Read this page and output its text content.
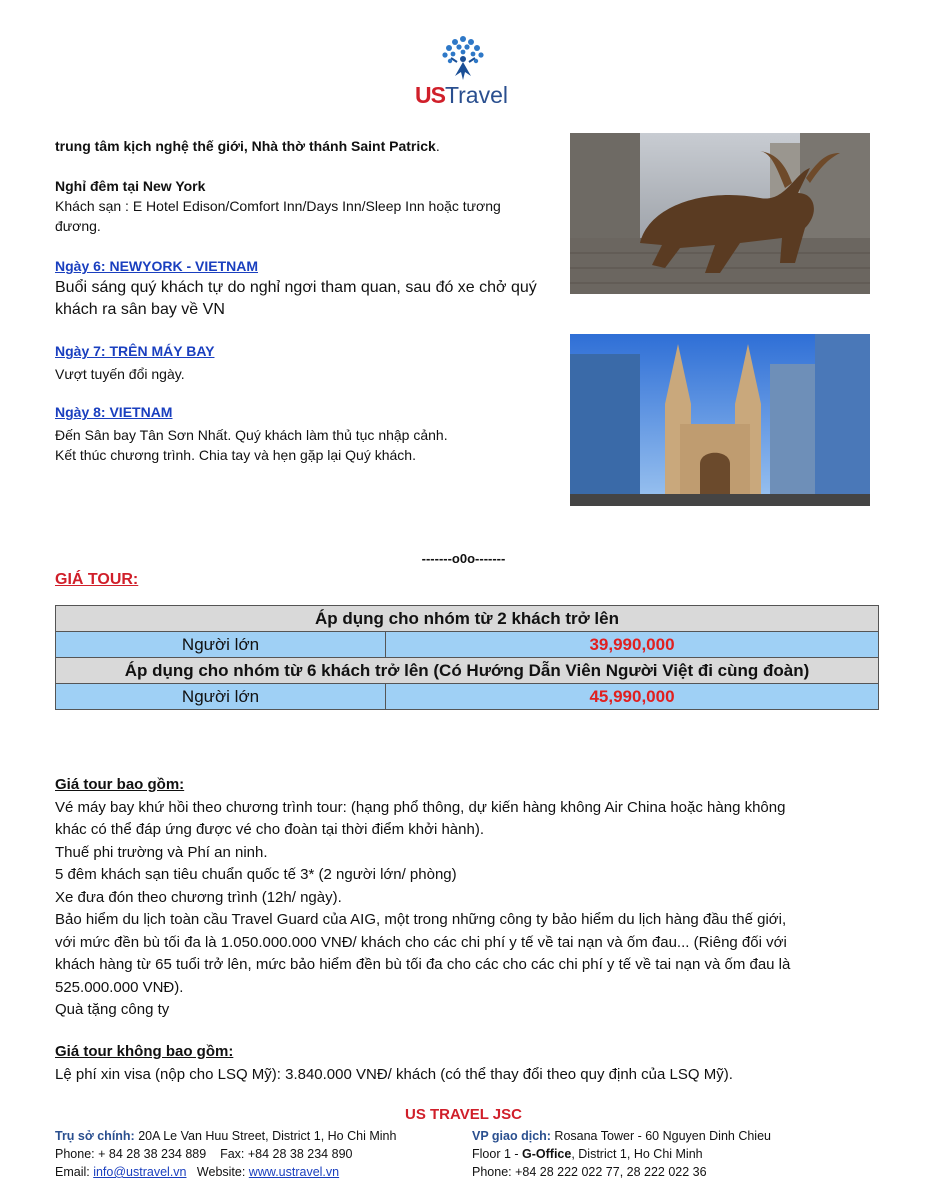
USTravel
trung tâm kịch nghệ thế giới, Nhà thờ thánh Saint Patrick.
Nghỉ đêm tại New York
Khách sạn : E Hotel Edison/Comfort Inn/Days Inn/Sleep Inn hoặc tương
đương.
Ngày 6: NEWYORK - VIETNAM
Buổi sáng quý khách tự do nghỉ ngơi tham quan, sau đó xe chở quý
khách ra sân bay về VN
Ngày 7: TRÊN MÁY BAY
Vượt tuyến đổi ngày.
Ngày 8: VIETNAM
Đến Sân bay Tân Sơn Nhất. Quý khách làm thủ tục nhập cảnh.
Kết thúc chương trình. Chia tay và hẹn gặp lại Quý khách.
-------o0o-------
GIÁ TOUR:
Áp dụng cho nhóm từ 2 khách trở lên	
Người lớn	39,990,000
Áp dụng cho nhóm từ 6 khách trở lên (Có Hướng Dẫn Viên Người Việt đi cùng đoàn)	
Người lớn	45,990,000
Giá tour bao gồm:
Vé máy bay khứ hồi theo chương trình tour: (hạng phổ thông, dự kiến hàng không Air China hoặc hàng không
khác có thể đáp ứng được vé cho đoàn tại thời điểm khởi hành).
Thuế phi trường và Phí an ninh.
5 đêm khách sạn tiêu chuẩn quốc tế 3* (2 người lớn/ phòng)
Xe đưa đón theo chương trình (12h/ ngày).
Bảo hiểm du lịch toàn cầu Travel Guard của AIG, một trong những công ty bảo hiểm du lịch hàng đầu thế giới,
với mức đền bù tối đa là 1.050.000.000 VNĐ/ khách cho các chi phí y tế về tai nạn và ốm đau... (Riêng đối với
khách hàng từ 65 tuổi trở lên, mức bảo hiểm đền bù tối đa cho các cho các chi phí y tế về tai nạn và ốm đau là
525.000.000 VNĐ).
Quà tặng công ty
Giá tour không bao gồm:
Lệ phí xin visa (nộp cho LSQ Mỹ): 3.840.000 VNĐ/ khách (có thể thay đổi theo quy định của LSQ Mỹ).
US TRAVEL JSC
Trụ sở chính: 20A Le Van Huu Street, District 1, Ho Chi Minh
Phone: + 84 28 38 234 889    Fax: +84 28 38 234 890
Email: info@ustravel.vn   Website: www.ustravel.vn
VP giao dịch: Rosana Tower - 60 Nguyen Dinh Chieu
Floor 1 - G-Office, District 1, Ho Chi Minh
Phone: +84 28 222 022 77, 28 222 022 36
